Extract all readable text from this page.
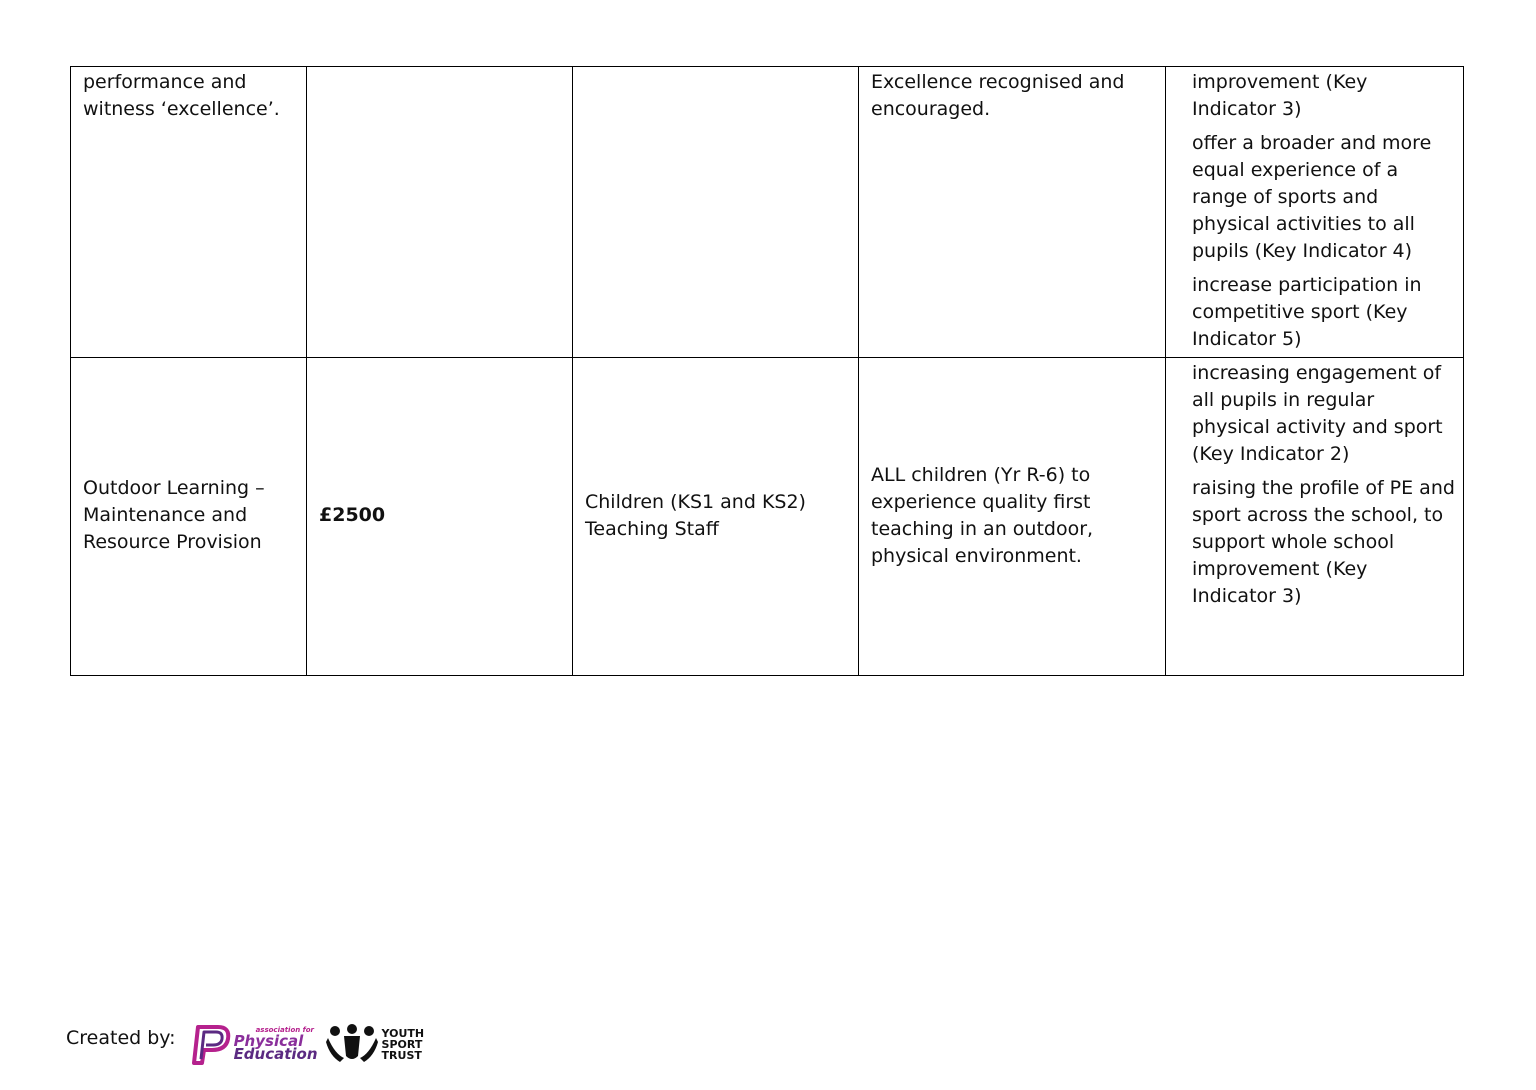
performance and witness ‘excellence’.			Excellence recognised and encouraged.	improvement (Key Indicator 3)

offer a broader and more equal experience of a range of sports and physical activities to all pupils (Key Indicator 4)

increase participation in competitive sport (Key Indicator 5)

Outdoor Learning – Maintenance and Resource Provision	£2500	Children (KS1 and KS2) Teaching Staff	ALL children (Yr R-6) to experience quality first teaching in an outdoor, physical environment.	increasing engagement of all pupils in regular physical activity and sport (Key Indicator 2)

raising the profile of PE and sport across the school, to support whole school improvement (Key Indicator 3)

Created by:	association for
Physical
Education
YOUTH
SPORT
TRUST
